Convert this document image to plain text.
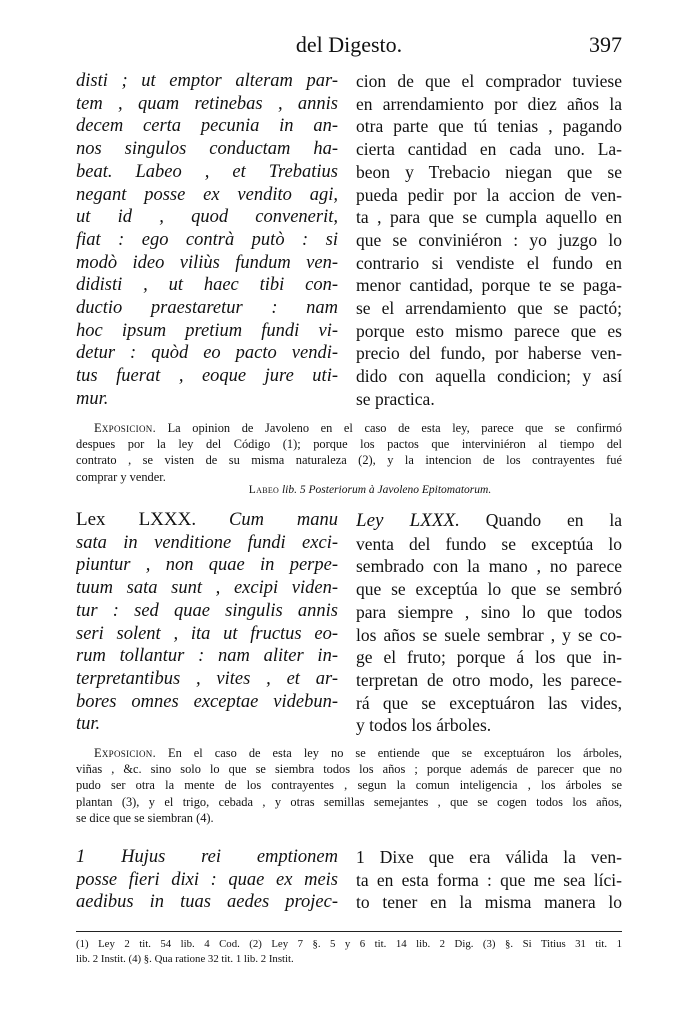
del Digesto.	397
disti ; ut emptor alteram par-
tem , quam retinebas , annis
decem certa pecunia in an-
nos singulos conductam ha-
beat. Labeo , et Trebatius
negant posse ex vendito agi,
ut id , quod convenerit,
fiat : ego contrà putò : si
modò ideo viliùs fundum ven-
didisti , ut haec tibi con-
ductio praestaretur : nam
hoc ipsum pretium fundi vi-
detur : quòd eo pacto vendi-
tus fuerat , eoque jure uti-
mur.
cion de que el comprador tuviese
en arrendamiento por diez años la
otra parte que tú tenias , pagando
cierta cantidad en cada uno. La-
beon y Trebacio niegan que se
pueda pedir por la accion de ven-
ta , para que se cumpla aquello en
que se conviniéron : yo juzgo lo
contrario si vendiste el fundo en
menor cantidad, porque te se paga-
se el arrendamiento que se pactó;
porque esto mismo parece que es
precio del fundo, por haberse ven-
dido con aquella condicion; y así
se practica.
Exposicion. La opinion de Javoleno en el caso de esta ley, parece que se confirmó
despues por la ley del Código (1); porque los pactos que interviniéron al tiempo del
contrato , se visten de su misma naturaleza (2), y la intencion de los contrayentes fué
comprar y vender.
Labeo lib. 5 Posteriorum à Javoleno Epitomatorum.
Lex LXXX. Cum manu
sata in venditione fundi exci-
piuntur , non quae in perpe-
tuum sata sunt , excipi viden-
tur : sed quae singulis annis
seri solent , ita ut fructus eo-
rum tollantur : nam aliter in-
terpretantibus , vites , et ar-
bores omnes exceptae videbun-
tur.
Ley LXXX. Quando en la
venta del fundo se exceptúa lo
sembrado con la mano , no parece
que se exceptúa lo que se sembró
para siempre , sino lo que todos
los años se suele sembrar , y se co-
ge el fruto; porque á los que in-
terpretan de otro modo, les parece-
rá que se exceptuáron las vides,
y todos los árboles.
Exposicion. En el caso de esta ley no se entiende que se exceptuáron los árboles,
viñas , &c. sino solo lo que se siembra todos los años ; porque además de parecer que no
pudo ser otra la mente de los contrayentes , segun la comun inteligencia , los árboles se
plantan (3), y el trigo, cebada , y otras semillas semejantes , que se cogen todos los años,
se dice que se siembran (4).
1 Hujus rei emptionem
posse fieri dixi : quae ex meis
aedibus in tuas aedes projec-
1 Dixe que era válida la ven-
ta en esta forma : que me sea líci-
to tener en la misma manera lo
(1) Ley 2 tit. 54 lib. 4 Cod. (2) Ley 7 §. 5 y 6 tit. 14 lib. 2 Dig. (3) §. Si Titius 31 tit. 1
lib. 2 Instit. (4) §. Qua ratione 32 tit. 1 lib. 2 Instit.
